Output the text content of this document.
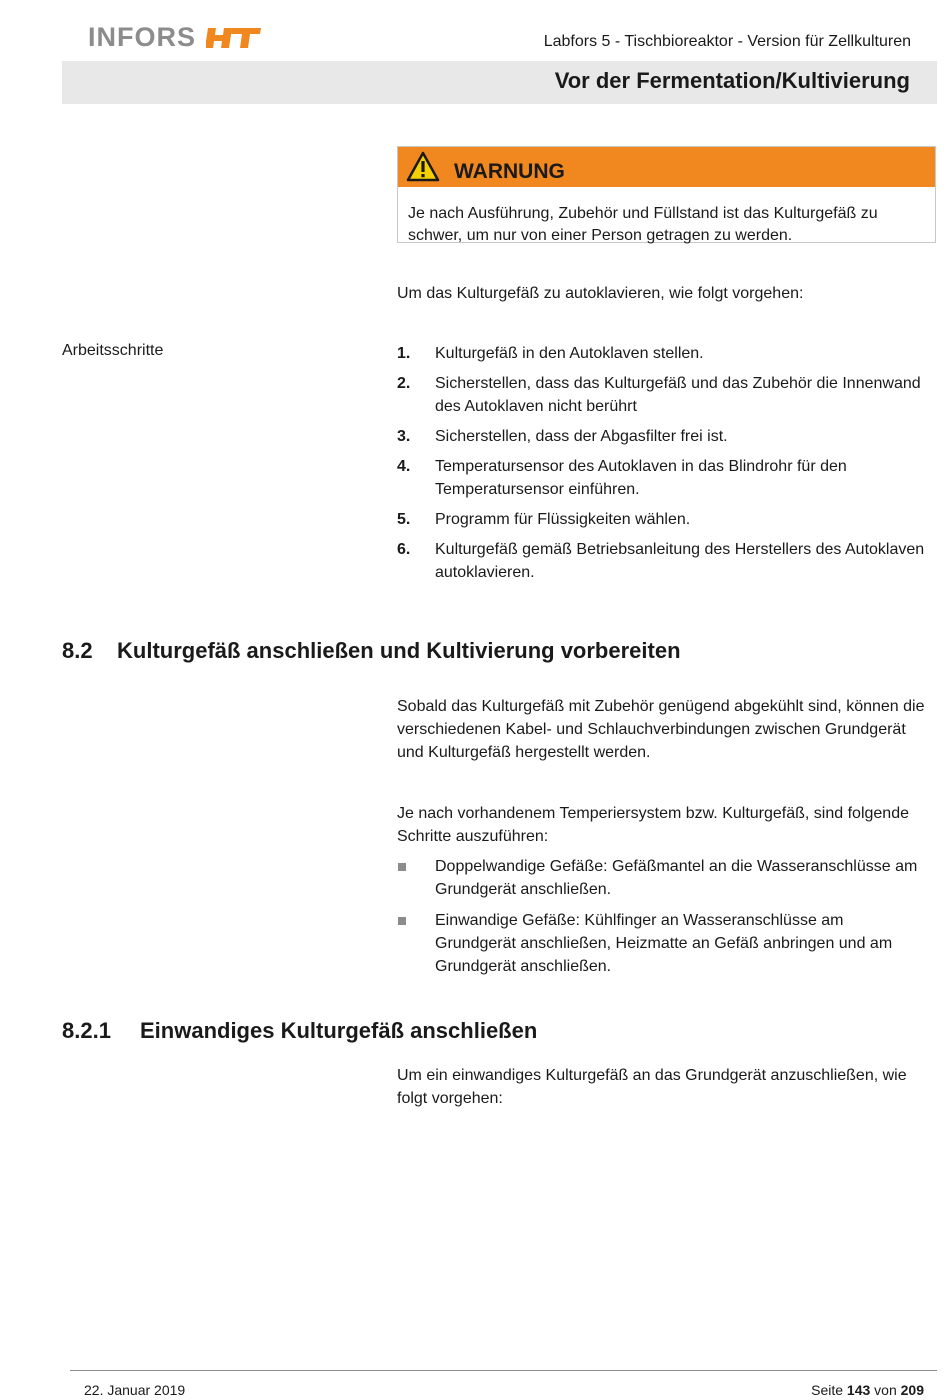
INFORS	Labfors 5 - Tischbioreaktor - Version für Zellkulturen
Vor der Fermentation/Kultivierung
WARNUNG
Je nach Ausführung, Zubehör und Füllstand ist das Kulturgefäß zu schwer, um nur von einer Person getragen zu werden.
Um das Kulturgefäß zu autoklavieren, wie folgt vorgehen:
Arbeitsschritte	1.	Kulturgefäß in den Autoklaven stellen.
2.	Sicherstellen, dass das Kulturgefäß und das Zubehör die Innenwand des Autoklaven nicht berührt
3.	Sicherstellen, dass der Abgasfilter frei ist.
4.	Temperatursensor des Autoklaven in das Blindrohr für den Temperatursensor einführen.
5.	Programm für Flüssigkeiten wählen.
6.	Kulturgefäß gemäß Betriebsanleitung des Herstellers des Autoklaven autoklavieren.
8.2 Kulturgefäß anschließen und Kultivierung vorbereiten
Sobald das Kulturgefäß mit Zubehör genügend abgekühlt sind, können die verschiedenen Kabel- und Schlauchverbindungen zwischen Grundgerät und Kulturgefäß hergestellt werden.
Je nach vorhandenem Temperiersystem bzw. Kulturgefäß, sind folgende Schritte auszuführen:
Doppelwandige Gefäße: Gefäßmantel an die Wasseranschlüsse am Grundgerät anschließen.
Einwandige Gefäße: Kühlfinger an Wasseranschlüsse am Grundgerät anschließen, Heizmatte an Gefäß anbringen und am Grundgerät anschließen.
8.2.1 Einwandiges Kulturgefäß anschließen
Um ein einwandiges Kulturgefäß an das Grundgerät anzuschließen, wie folgt vorgehen:
22. Januar 2019	Seite 143 von 209
